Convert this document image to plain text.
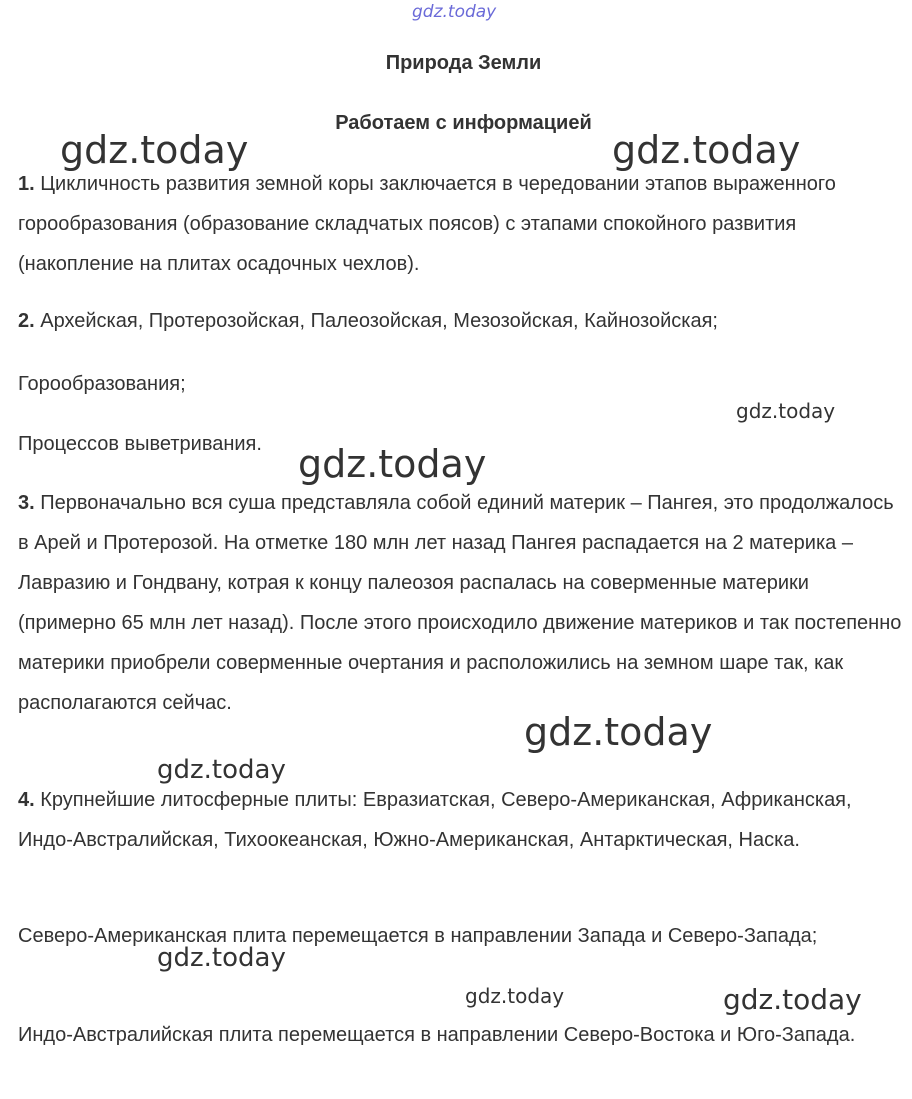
gdz.today
Природа Земли
Работаем с информацией

1. Цикличность развития земной коры заключается в чередовании этапов выраженного горообразования (образование складчатых поясов) с этапами спокойного развития (накопление на плитах осадочных чехлов).

2. Архейская, Протерозойская, Палеозойская, Мезозойская, Кайнозойская;

Горообразования;

Процессов выветривания.

3. Первоначально вся суша представляла собой единий материк – Пангея, это продолжалось в Арей и Протерозой. На отметке 180 млн лет назад Пангея распадается на 2 материка – Лавразию и Гондвану, котрая к концу палеозоя распалась на соверменные материки (примерно 65 млн лет назад). После этого происходило движение материков и так постепенно материки приобрели соверменные очертания и расположились на земном шаре так, как располагаются сейчас.

4. Крупнейшие литосферные плиты: Евразиатская, Северо-Американская, Африканская, Индо-Австралийская, Тихоокеанская, Южно-Американская, Антарктическая, Наска.

Северо-Американская плита перемещается в направлении Запада и Северо-Запада;

Индо-Австралийская плита перемещается в направлении Северо-Востока и Юго-Запада.

gdz.today	gdz.today
gdz.today
gdz.today
gdz.today
gdz.today
gdz.today
gdz.today	gdz.today
